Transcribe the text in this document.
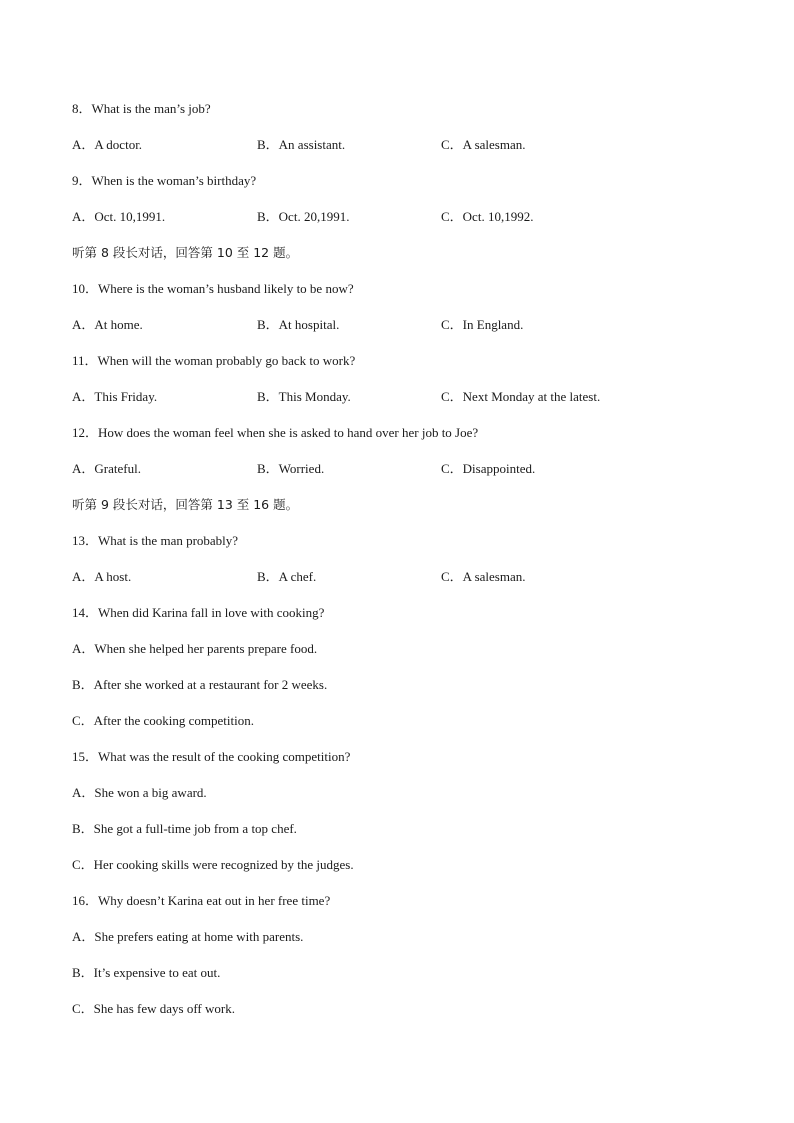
8．What is the man’s job?
A．A doctor.	B．An assistant.	C．A salesman.
9．When is the woman’s birthday?
A．Oct. 10,1991.	B．Oct. 20,1991.	C．Oct. 10,1992.
听第 8 段长对话，回答第 10 至 12 题。
10．Where is the woman’s husband likely to be now?
A．At home.	B．At hospital.	C．In England.
11．When will the woman probably go back to work?
A．This Friday.	B．This Monday.	C．Next Monday at the latest.
12．How does the woman feel when she is asked to hand over her job to Joe?
A．Grateful.	B．Worried.	C．Disappointed.
听第 9 段长对话，回答第 13 至 16 题。
13．What is the man probably?
A．A host.	B．A chef.	C．A salesman.
14．When did Karina fall in love with cooking?
A．When she helped her parents prepare food.
B．After she worked at a restaurant for 2 weeks.
C．After the cooking competition.
15．What was the result of the cooking competition?
A．She won a big award.
B．She got a full-time job from a top chef.
C．Her cooking skills were recognized by the judges.
16．Why doesn’t Karina eat out in her free time?
A．She prefers eating at home with parents.
B．It’s expensive to eat out.
C．She has few days off work.
